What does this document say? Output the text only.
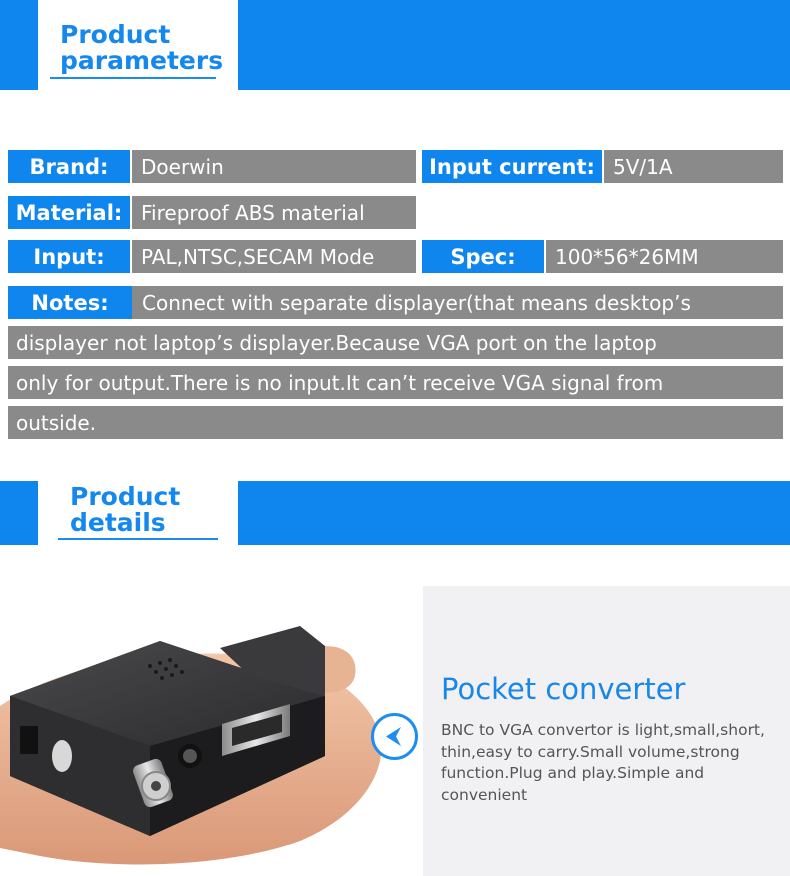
Product
parameters
Brand:	Doerwin	Input current: 5V/1A
Material: Fireproof ABS material
Input:	PAL,NTSC,SECAM Mode	Spec:	100*56*26MM
Notes:	Connect with separate displayer(that means desktop’s
displayer not laptop’s displayer.Because VGA port on the laptop
only for output.There is no input.It can’t receive VGA signal from
outside.
Product
details
Pocket converter
BNC to VGA convertor is light,small,short, thin,easy to carry.Small volume,strong function.Plug and play.Simple and convenient
